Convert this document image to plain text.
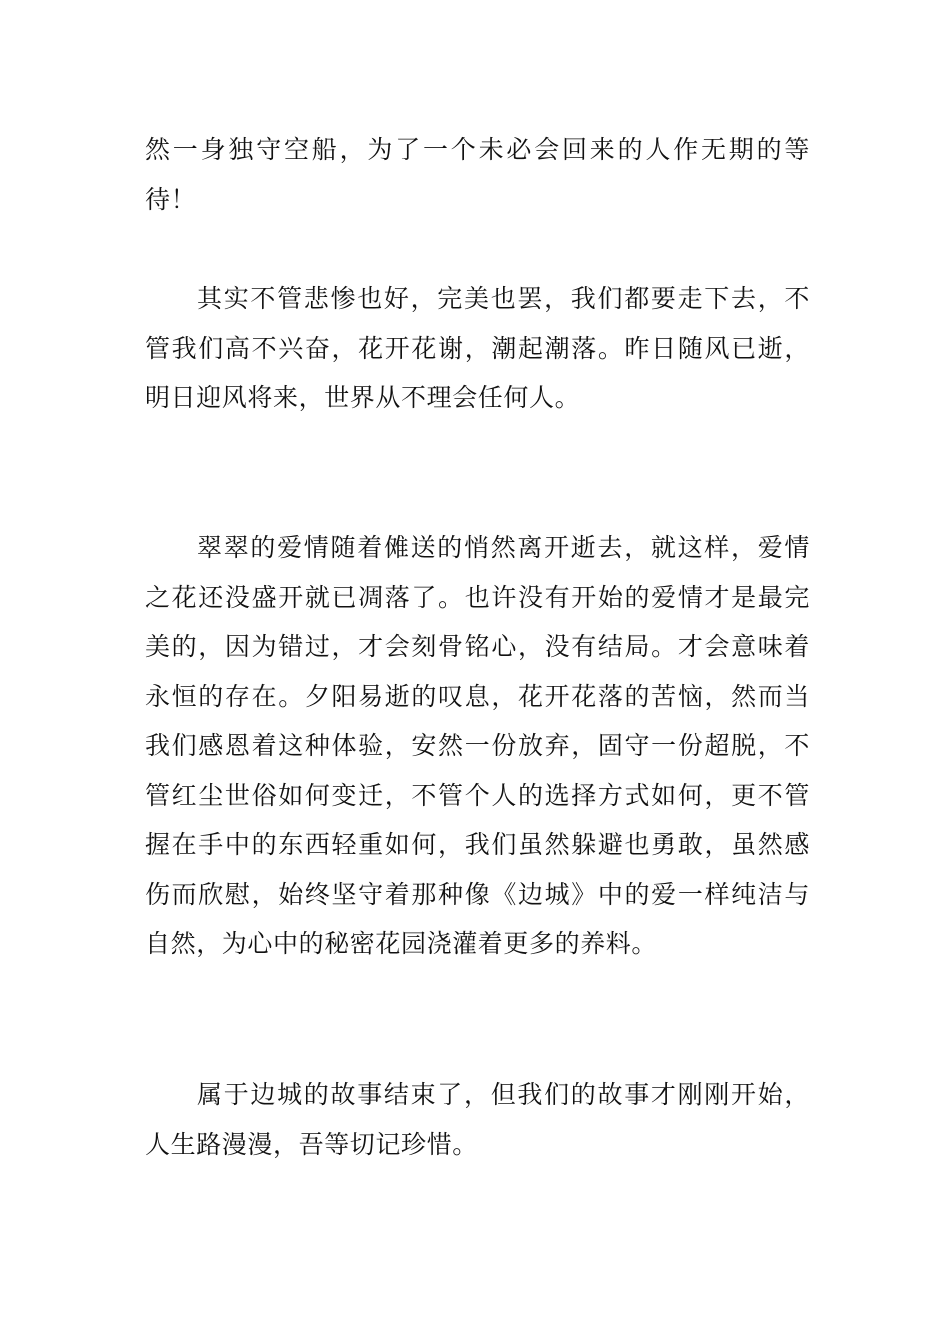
然一身独守空船，为了一个未必会回来的人作无期的等待！

其实不管悲惨也好，完美也罢，我们都要走下去，不管我们高不兴奋，花开花谢，潮起潮落。昨日随风已逝，明日迎风将来，世界从不理会任何人。

翠翠的爱情随着傩送的悄然离开逝去，就这样，爱情之花还没盛开就已凋落了。也许没有开始的爱情才是最完美的，因为错过，才会刻骨铭心，没有结局。才会意味着永恒的存在。夕阳易逝的叹息，花开花落的苦恼，然而当我们感恩着这种体验，安然一份放弃，固守一份超脱，不管红尘世俗如何变迁，不管个人的选择方式如何，更不管握在手中的东西轻重如何，我们虽然躲避也勇敢，虽然感伤而欣慰，始终坚守着那种像《边城》中的爱一样纯洁与自然，为心中的秘密花园浇灌着更多的养料。

属于边城的故事结束了，但我们的故事才刚刚开始，人生路漫漫，吾等切记珍惜。
